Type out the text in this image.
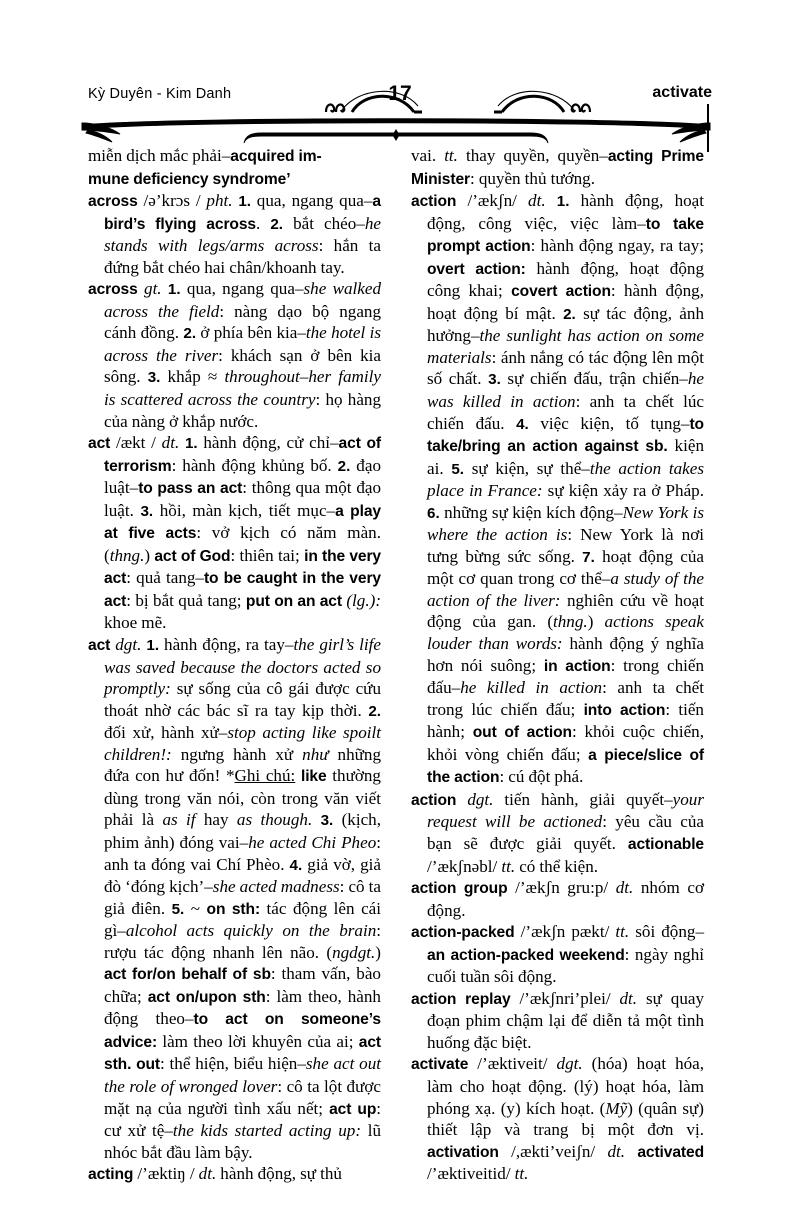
Kỳ Duyên - Kim Danh	17	activate

miễn dịch mắc phải–acquired im-
mune deficiency syndrome’

across /ə’krɔs / pht. 1. qua, ngang qua–a bird’s flying across. 2. bắt chéo–he stands with legs/arms across: hắn ta đứng bắt chéo hai chân/khoanh tay.

across gt. 1. qua, ngang qua–she walked across the field: nàng dạo bộ ngang cánh đồng. 2. ở phía bên kia–the hotel is across the river: khách sạn ở bên kia sông. 3. khắp ≈ throughout–her family is scattered across the country: họ hàng của nàng ở khắp nước.

act /ækt / dt. 1. hành động, cử chỉ–act of terrorism: hành động khủng bố. 2. đạo luật–to pass an act: thông qua một đạo luật. 3. hồi, màn kịch, tiết mục–a play at five acts: vở kịch có năm màn. (thng.) act of God: thiên tai; in the very act: quả tang–to be caught in the very act: bị bắt quả tang; put on an act (lg.): khoe mẽ.

act dgt. 1. hành động, ra tay–the girl’s life was saved because the doctors acted so promptly: sự sống của cô gái được cứu thoát nhờ các bác sĩ ra tay kịp thời. 2. đối xử, hành xử–stop acting like spoilt children!: ngưng hành xử như những đứa con hư đốn! *Ghi chú: like thường dùng trong văn nói, còn trong văn viết phải là as if hay as though. 3. (kịch, phim ảnh) đóng vai–he acted Chi Pheo: anh ta đóng vai Chí Phèo. 4. giả vờ, giả đò ‘đóng kịch’–she acted madness: cô ta giả điên. 5. ~ on sth: tác động lên cái gì–alcohol acts quickly on the brain: rượu tác động nhanh lên não. (ngdgt.) act for/on behalf of sb: tham vấn, bào chữa; act on/upon sth: làm theo, hành động theo–to act on someone’s advice: làm theo lời khuyên của ai; act sth. out: thể hiện, biểu hiện–she act out the role of wronged lover: cô ta lột được mặt nạ của người tình xấu nết; act up: cư xử tệ–the kids started acting up: lũ nhóc bắt đầu làm bậy.

acting /’æktiŋ / dt. hành động, sự thủ

vai. tt. thay quyền, quyền–acting Prime Minister: quyền thủ tướng.

action /’ækʃn/ dt. 1. hành động, hoạt động, công việc, việc làm–to take prompt action: hành động ngay, ra tay; overt action: hành động, hoạt động công khai; covert action: hành động, hoạt động bí mật. 2. sự tác động, ảnh hưởng–the sunlight has action on some materials: ánh nắng có tác động lên một số chất. 3. sự chiến đấu, trận chiến–he was killed in action: anh ta chết lúc chiến đấu. 4. việc kiện, tố tụng–to take/bring an action against sb. kiện ai. 5. sự kiện, sự thể–the action takes place in France: sự kiện xảy ra ở Pháp. 6. những sự kiện kích động–New York is where the action is: New York là nơi tưng bừng sức sống. 7. hoạt động của một cơ quan trong cơ thể–a study of the action of the liver: nghiên cứu về hoạt động của gan. (thng.) actions speak louder than words: hành động ý nghĩa hơn nói suông; in action: trong chiến đấu–he killed in action: anh ta chết trong lúc chiến đấu; into action: tiến hành; out of action: khỏi cuộc chiến, khỏi vòng chiến đấu; a piece/slice of the action: cú đột phá.

action dgt. tiến hành, giải quyết–your request will be actioned: yêu cầu của bạn sẽ được giải quyết. actionable /’ækʃnəbl/ tt. có thể kiện.

action group /’ækʃn gru:p/ dt. nhóm cơ động.

action-packed /’ækʃn pækt/ tt. sôi động–an action-packed weekend: ngày nghỉ cuối tuần sôi động.

action replay /’ækʃnri’plei/ dt. sự quay đoạn phim chậm lại để diễn tả một tình huống đặc biệt.

activate /’æktiveit/ dgt. (hóa) hoạt hóa, làm cho hoạt động. (lý) hoạt hóa, làm phóng xạ. (y) kích hoạt. (Mỹ) (quân sự) thiết lập và trang bị một đơn vị. activation /,ækti’veiʃn/ dt. activated /’æktiveitid/ tt.
